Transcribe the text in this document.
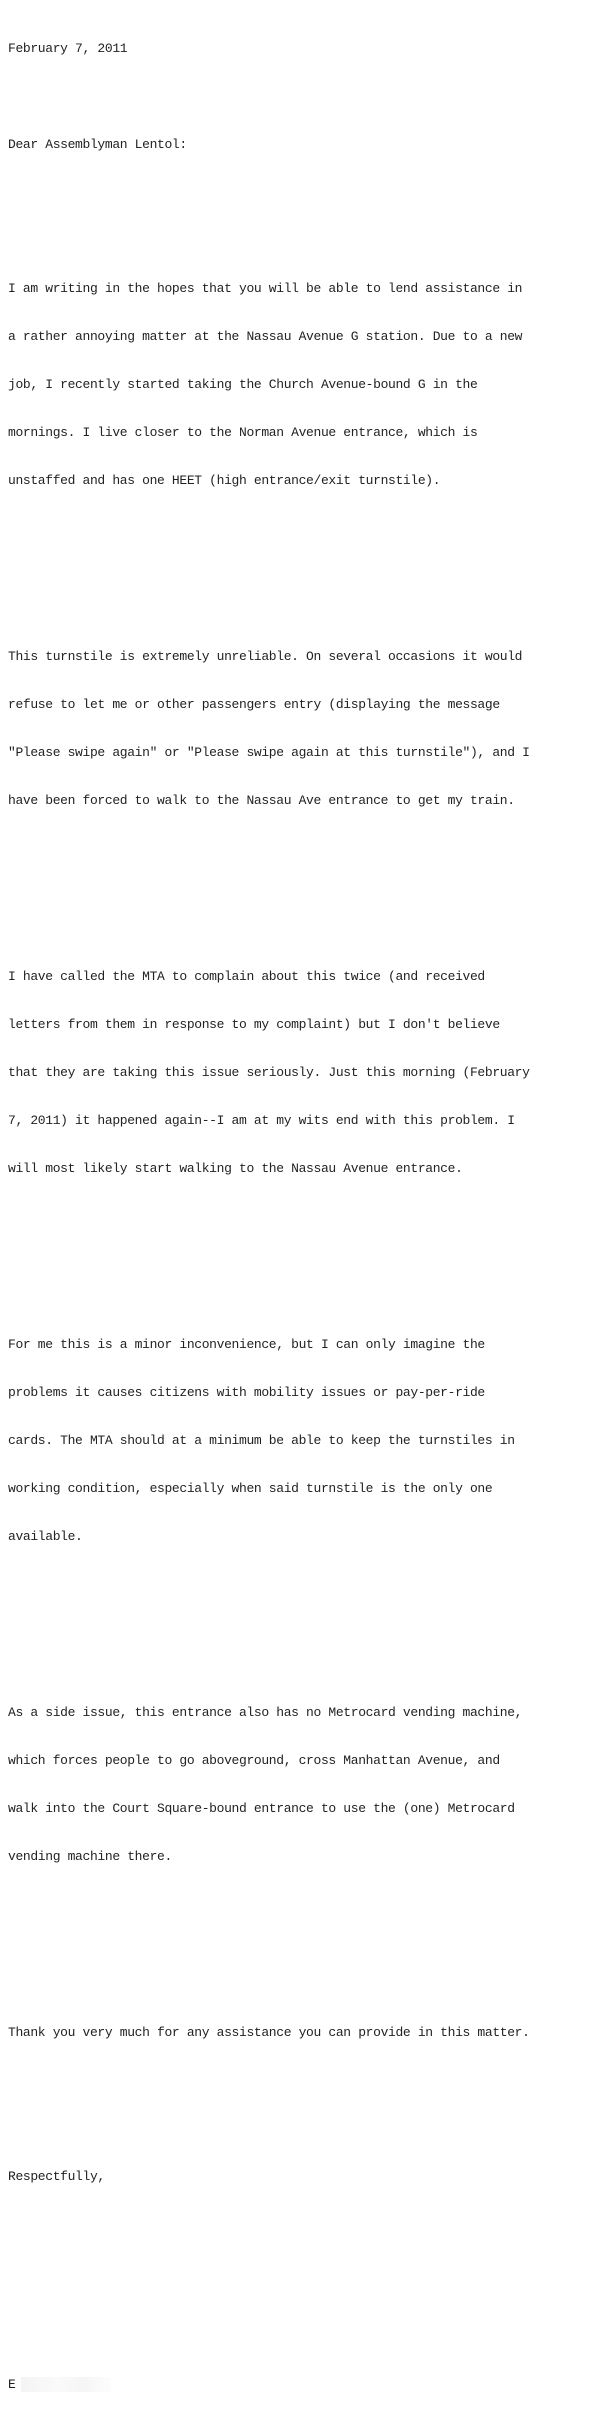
February 7, 2011

Dear Assemblyman Lentol:

I am writing in the hopes that you will be able to lend assistance in

a rather annoying matter at the Nassau Avenue G station. Due to a new

job, I recently started taking the Church Avenue-bound G in the

mornings. I live closer to the Norman Avenue entrance, which is

unstaffed and has one HEET (high entrance/exit turnstile).

This turnstile is extremely unreliable. On several occasions it would

refuse to let me or other passengers entry (displaying the message

"Please swipe again" or "Please swipe again at this turnstile"), and I

have been forced to walk to the Nassau Ave entrance to get my train.

I have called the MTA to complain about this twice (and received

letters from them in response to my complaint) but I don't believe

that they are taking this issue seriously. Just this morning (February

7, 2011) it happened again--I am at my wits end with this problem. I

will most likely start walking to the Nassau Avenue entrance.

For me this is a minor inconvenience, but I can only imagine the

problems it causes citizens with mobility issues or pay-per-ride

cards. The MTA should at a minimum be able to keep the turnstiles in

working condition, especially when said turnstile is the only one

available.

As a side issue, this entrance also has no Metrocard vending machine,

which forces people to go aboveground, cross Manhattan Avenue, and

walk into the Court Square-bound entrance to use the (one) Metrocard

vending machine there.

Thank you very much for any assistance you can provide in this matter.

Respectfully,

E
